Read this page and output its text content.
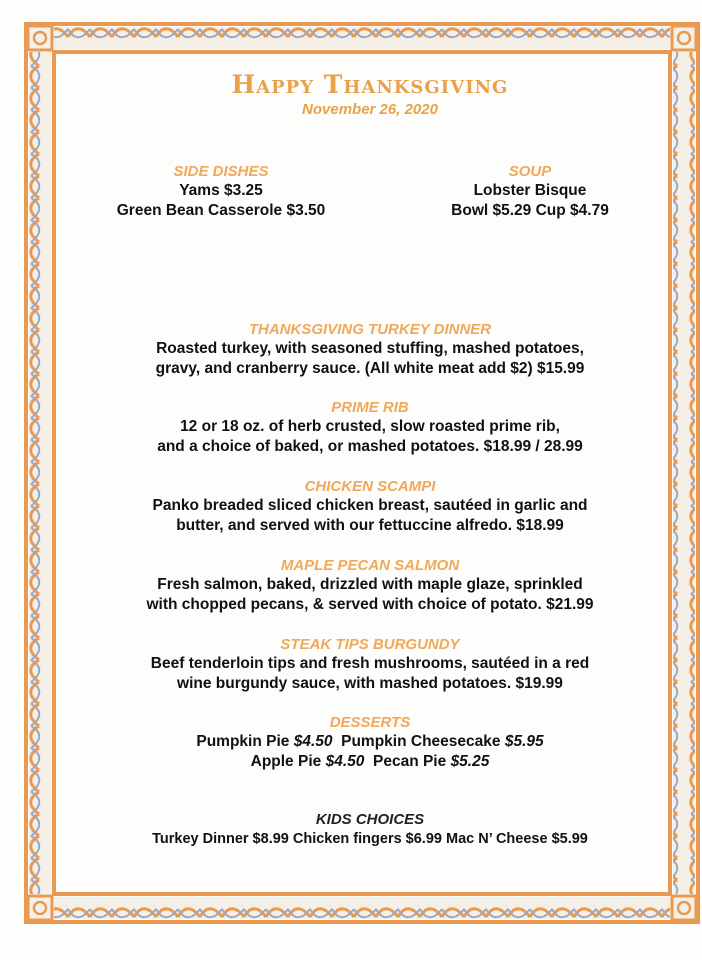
Happy Thanksgiving
November 26, 2020
SIDE DISHES
Yams $3.25
Green Bean Casserole $3.50
SOUP
Lobster Bisque
Bowl $5.29 Cup $4.79
THANKSGIVING TURKEY DINNER
Roasted turkey, with seasoned stuffing, mashed potatoes,
gravy, and cranberry sauce. (All white meat add $2) $15.99
PRIME RIB
12 or 18 oz. of herb crusted, slow roasted prime rib,
and a choice of baked, or mashed potatoes. $18.99 / 28.99
CHICKEN SCAMPI
Panko breaded sliced chicken breast, sautéed in garlic and
butter, and served with our fettuccine alfredo. $18.99
MAPLE PECAN SALMON
Fresh salmon, baked, drizzled with maple glaze, sprinkled
with chopped pecans, & served with choice of potato. $21.99
STEAK TIPS BURGUNDY
Beef tenderloin tips and fresh mushrooms, sautéed in a red
wine burgundy sauce, with mashed potatoes. $19.99
DESSERTS
Pumpkin Pie $4.50 Pumpkin Cheesecake $5.95
Apple Pie $4.50 Pecan Pie $5.25
KIDS CHOICES
Turkey Dinner $8.99 Chicken fingers $6.99 Mac N’ Cheese $5.99
